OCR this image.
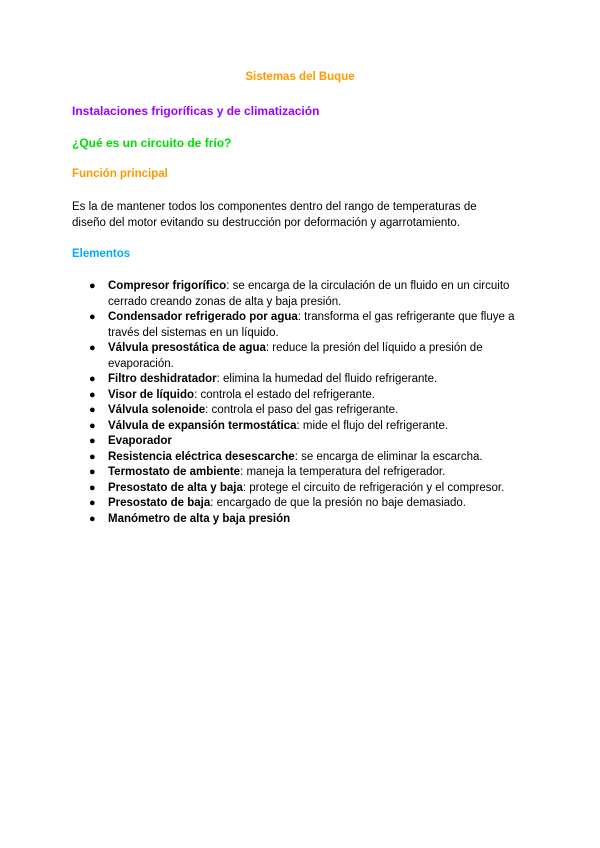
Sistemas del Buque
Instalaciones frigoríficas y de climatización
¿Qué es un circuito de frío?
Función principal
Es la de mantener todos los componentes dentro del rango de temperaturas de diseño del motor evitando su destrucción por deformación y agarrotamiento.
Elementos
● Compresor frigorífico: se encarga de la circulación de un fluido en un circuito cerrado creando zonas de alta y baja presión.
● Condensador refrigerado por agua: transforma el gas refrigerante que fluye a través del sistemas en un líquido.
● Válvula presostática de agua: reduce la presión del líquido a presión de evaporación.
● Filtro deshidratador: elimina la humedad del fluido refrigerante.
● Visor de líquido: controla el estado del refrigerante.
● Válvula solenoide: controla el paso del gas refrigerante.
● Válvula de expansión termostática: mide el flujo del refrigerante.
● Evaporador
● Resistencia eléctrica desescarche: se encarga de eliminar la escarcha.
● Termostato de ambiente: maneja la temperatura del refrigerador.
● Presostato de alta y baja: protege el circuito de refrigeración y el compresor.
● Presostato de baja: encargado de que la presión no baje demasiado.
● Manómetro de alta y baja presión
